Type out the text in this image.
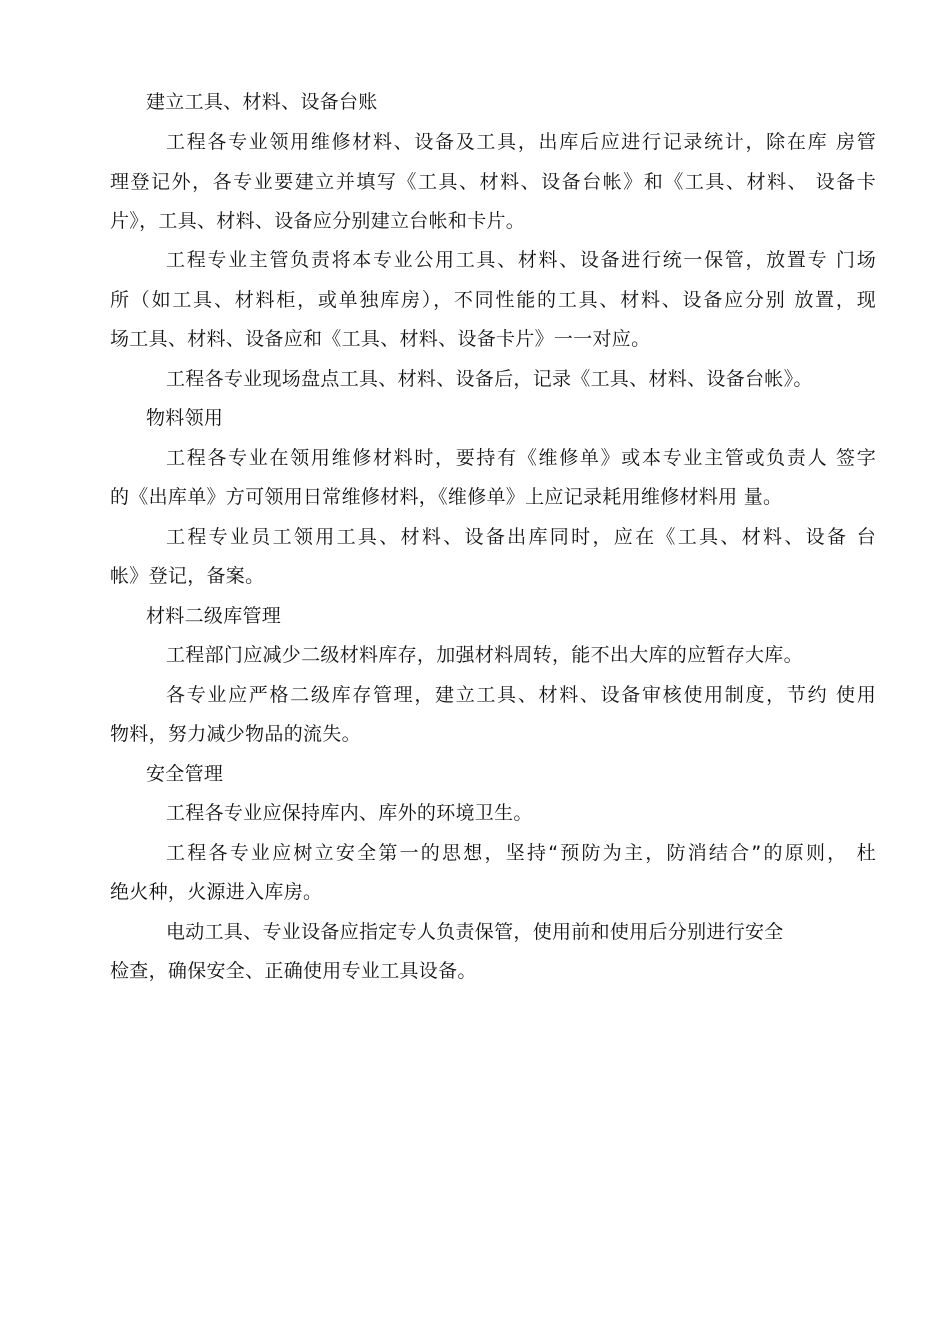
建立工具、材料、设备台账
工程各专业领用维修材料、设备及工具，出库后应进行记录统计，除在库 房管
理登记外，各专业要建立并填写《工具、材料、设备台帐》和《工具、材料、 设备卡
片》，工具、材料、设备应分别建立台帐和卡片。
工程专业主管负责将本专业公用工具、材料、设备进行统一保管，放置专 门场
所（如工具、材料柜，或单独库房），不同性能的工具、材料、设备应分别 放置，现
场工具、材料、设备应和《工具、材料、设备卡片》一一对应。
工程各专业现场盘点工具、材料、设备后，记录《工具、材料、设备台帐》。
物料领用
工程各专业在领用维修材料时，要持有《维修单》或本专业主管或负责人 签字
的《出库单》方可领用日常维修材料，《维修单》上应记录耗用维修材料用 量。
工程专业员工领用工具、材料、设备出库同时，应在《工具、材料、设备 台
帐》登记，备案。
材料二级库管理
工程部门应减少二级材料库存，加强材料周转，能不出大库的应暂存大库。
各专业应严格二级库存管理，建立工具、材料、设备审核使用制度，节约 使用
物料，努力减少物品的流失。
安全管理
工程各专业应保持库内、库外的环境卫生。
工程各专业应树立安全第一的思想，坚持“预防为主，防消结合”的原则， 杜
绝火种，火源进入库房。
电动工具、专业设备应指定专人负责保管，使用前和使用后分别进行安全
检查，确保安全、正确使用专业工具设备。
